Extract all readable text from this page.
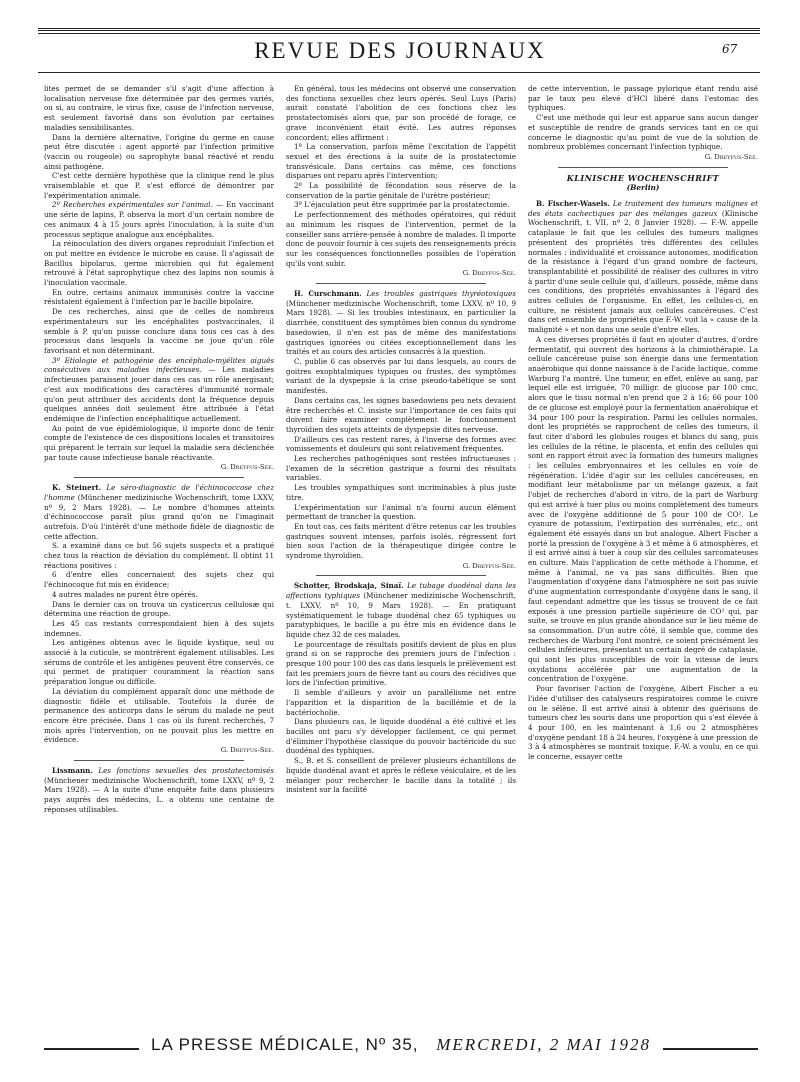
REVUE DES JOURNAUX	67

lites permet de se demander s'il s'agit d'une affection à localisation nerveuse fixe déterminée par des germes variés, ou si, au contraire, le virus fixe, cause de l'infection nerveuse, est seulement favorisé dans son évolution par certaines maladies sensibilisantes.

Dans la dernière alternative, l'origine du germe en cause peut être discutée : agent apporté par l'infection primitive (vaccin ou rougeole) ou saprophyte banal réactivé et rendu ainsi pathogène.

C'est cette dernière hypothèse que la clinique rend le plus vraisemblable et que P. s'est efforcé de démontrer par l'expérimentation animale.

2º Recherches expérimentales sur l'animal. — En vaccinant une série de lapins, P. observa la mort d'un certain nombre de ces animaux 4 à 15 jours après l'inoculation, à la suite d'un processus septique analogue aux encéphalites.

La réinoculation des divers organes reproduisit l'infection et on put mettre en évidence le microbe en cause. Il s'agissait de Bacillus bipolarus, germe microbien qui fut également retrouvé à l'état saprophytique chez des lapins non soumis à l'inoculation vaccinale.

En outre, certains animaux immunisés contre la vaccine résistaient également à l'infection par le bacille bipolaire.

De ces recherches, ainsi que de celles de nombreux expérimentateurs sur les encéphalites postvaccinales, il semble à P. qu'on puisse conclure dans tous ces cas à des processus dans lesquels la vaccine ne joue qu'un rôle favorisant et non déterminant.

3º Etiologie et pathogénie des encéphalo-myélites aiguës consécutives aux maladies infectieuses. — Les maladies infectieuses paraissent jouer dans ces cas un rôle anergisant; c'est aux modifications des caractères d'immunité normale qu'on peut attribuer des accidents dont la fréquence depuis quelques années doit seulement être attribuée à l'état endémique de l'infection encéphalitique actuellement.

Au point de vue épidémiologique, il importe donc de tenir compte de l'existence de ces dispositions locales et transitoires qui préparent le terrain sur lequel la maladie sera déclenchée par toute cause infectieuse banale réactivante.

G. Dreyfus-Sée.

K. Steinert. Le séro-diagnostic de l'échinococcose chez l'homme (Münchener medizinische Wochenschrift, tome LXXV, nº 9, 2 Mars 1928). — Le nombre d'hommes atteints d'échinococcose paraît plus grand qu'on ne l'imaginait autrefois. D'où l'intérêt d'une méthode fidèle de diagnostic de cette affection.

S. a examiné dans ce but 56 sujets suspects et a pratiqué chez tous la réaction de déviation du complément. Il obtint 11 réactions positives :

6 d'entre elles concernaient des sujets chez qui l'échinocoque fut mis en évidence;

4 autres malades ne purent être opérés.

Dans le dernier cas on trouva un cysticercus cellulosæ qui détermina une réaction de groupe.

Les 45 cas restants correspondaient bien à des sujets indemnes.

Les antigènes obtenus avec le liquide kystique, seul ou associé à la cuticule, se montrèrent également utilisables. Les sérums de contrôle et les antigènes peuvent être conservés, ce qui permet de pratiquer couramment la réaction sans préparation longue ou difficile.

La déviation du complément apparaît donc une méthode de diagnostic fidèle et utilisable. Toutefois la durée de permanence des anticorps dans le sérum du malade ne peut encore être précisée. Dans 1 cas où ils furent recherchés, 7 mois après l'intervention, on ne pouvait plus les mettre en évidence.

G. Dreyfus-Sée.

Lissmann. Les fonctions sexuelles des prostatectomisés (Münchener medizinische Wochenschrift, tome LXXV, nº 9, 2 Mars 1928). — A la suite d'une enquête faite dans plusieurs pays auprès des médecins, L. a obtenu une centaine de réponses utilisables.

En général, tous les médecins ont observé une conservation des fonctions sexuelles chez leurs opérés. Seul Luys (Paris) aurait constaté l'abolition de ces fonctions chez les prostatectomisés alors que, par son procédé de forage, ce grave inconvénient était évité. Les autres réponses concordent; elles affirment :

1º La conservation, parfois même l'excitation de l'appétit sexuel et des érections à la suite de la prostatectomie transvésicale. Dans certains cas même, ces fonctions disparues ont reparu après l'intervention;

2º La possibilité de fécondation sous réserve de la conservation de la partie génitale de l'urètre postérieur;

3º L'éjaculation peut être supprimée par la prostatectomie.

Le perfectionnement des méthodes opératoires, qui réduit au minimum les risques de l'intervention, permet de la conseiller sans arrière-pensée à nombre de malades. Il importe donc de pouvoir fournir à ces sujets des renseignements précis sur les conséquences fonctionnelles possibles de l'opération qu'ils vont subir.

G. Dreyfus-Sée.

H. Curschmann. Les troubles gastriques thyréotoxiques (Münchener medizinische Wochenschrift, tome LXXV, nº 10, 9 Mars 1928). — Si les troubles intestinaux, en particulier la diarrhée, constituent des symptômes bien connus du syndrome basedowien, il n'en est pas de même des manifestations gastriques ignorées ou citées exceptionnellement dans les traités et au cours des articles consacrés à la question.

C. publie 6 cas observés par lui dans lesquels, au cours de goitres exophtalmiques typiques ou frustes, des symptômes variant de la dyspepsie à la crise pseudo-tabétique se sont manifestés.

Dans certains cas, les signes basedowiens peu nets devaient être recherchés et C. insiste sur l'importance de ces faits qui doivent faire examiner complètement le fonctionnement thyroïdien des sujets atteints de dyspepsie dites nerveuse.

D'ailleurs ces cas restent rares, à l'inverse des formes avec vomissements et douleurs qui sont relativement fréquentes.

Les recherches pathogéniques sont restées infructueuses : l'examen de la sécrétion gastrique a fourni des résultats variables.

Les troubles sympathiques sont incriminables à plus juste titre.

L'expérimentation sur l'animal n'a fourni aucun élément permettant de trancher la question.

En tout cas, ces faits méritent d'être retenus car les troubles gastriques souvent intenses, parfois isolés, régressent fort bien sous l'action de la thérapeutique dirigée contre le syndrome thyroïdien.

G. Dreyfus-Sée.

Schotter, Brodskaja, Sinaï. Le tubage duodénal dans les affections typhiques (Münchener medizinische Wochenschrift, t. LXXV, nº 10, 9 Mars 1928). — En pratiquant systématiquement le tubage duodénal chez 65 typhiques ou paratyphiques, le bacille a pu être mis en évidence dans le liquide chez 32 de ces malades.

Le pourcentage de résultats positifs devient de plus en plus grand si on se rapproche des premiers jours de l'infection : presque 100 pour 100 des cas dans lesquels le prélèvement est fait les premiers jours de fièvre tant au cours des récidives que lors de l'infection primitive.

Il semble d'ailleurs y avoir un parallélisme net entre l'apparition et la disparition de la bacillémie et de la bactériocholie.

Dans plusieurs cas, le liquide duodénal a été cultivé et les bacilles ont paru s'y développer facilement, ce qui permet d'éliminer l'hypothèse classique du pouvoir bactéricide du suc duodénal des typhiques.

S., B. et S. conseillent de prélever plusieurs échantillons de liquide duodénal avant et après le réflexe vésiculaire, et de les mélanger pour rechercher le bacille dans la totalité ; ils insistent sur la facilité

de cette intervention, le passage pylorique étant rendu aisé par le taux peu élevé d'HCl libéré dans l'estomac des typhiques.

C'est une méthode qui leur est apparue sans aucun danger et susceptible de rendre de grands services tant en ce qui concerne le diagnostic qu'au point de vue de la solution de nombreux problèmes concernant l'infection typhique.

G. Dreyfus-Sée.
KLINISCHE WOCHENSCHRIFT
(Berlin)

B. Fischer-Wasels. Le traitement des tumeurs malignes et des états cachectiques par des mélanges gazeux (Klinische Wochenschrift, t. VII, nº 2, 8 Janvier 1928). — F.-W. appelle cataplasie le fait que les cellules des tumeurs malignes présentent des propriétés très différentes des cellules normales : individualité et croissance autonomes, modification de la résistance à l'égard d'un grand nombre de facteurs, transplantabilité et possibilité de réaliser des cultures in vitro à partir d'une seule cellule qui, d'ailleurs, possède, même dans ces conditions, des propriétés envahissantes à l'égard des autres cellules de l'organisme. En effet, les cellules-ci, en culture, ne résistent jamais aux cellules cancéreuses. C'est dans cet ensemble de propriétés que F.-W. voit la « cause de la malignité » et non dans une seule d'entre elles.

A ces diverses propriétés il faut en ajouter d'autres, d'ordre fermentatif, qui ouvrent des horizons à la chimiothérapie. La cellule cancéreuse puise son énergie dans une fermentation anaérobique qui donne naissance à de l'acide lactique, comme Warburg l'a montré. Une tumeur, en effet, enlève au sang, par lequel elle est irriguée, 70 milligr. de glucose par 100 cmc, alors que le tissu normal n'en prend que 2 à 16; 66 pour 100 de ce glucose est employé pour la fermentation anaérobique et 34 pour 100 pour la respiration. Parmi les cellules normales, dont les propriétés se rapprochent de celles des tumeurs, il faut citer d'abord les globules rouges et blancs du sang, puis les cellules de la rétine, le placenta, et enfin des cellules qui sont en rapport étroit avec la formation des tumeurs malignes : les cellules embryonnaires et les cellules en voie de régénération. L'idée d'agir sur les cellules cancéreuses, en modifiant leur métabolisme par un mélange gazeux, a fait l'objet de recherches d'abord in vitro, de la part de Warburg qui est arrivé à tuer plus ou moins complètement des tumeurs avec de l'oxygène additionné de 5 pour 100 de CO². Le cyanure de potassium, l'extirpation des surrénales, etc., ont également été essayés dans un but analogue. Albert Fischer a porté la pression de l'oxygène à 3 et même à 6 atmosphères, et il est arrivé ainsi à tuer à coup sûr des cellules sarcomateuses en culture. Mais l'application de cette méthode à l'homme, et même à l'animal, ne va pas sans difficultés. Bien que l'augmentation d'oxygène dans l'atmosphère ne soit pas suivie d'une augmentation correspondante d'oxygène dans le sang, il faut cependant admettre que les tissus se trouvent de ce fait exposés à une pression partielle supérieure de CO² qui, par suite, se trouve en plus grande abondance sur le lieu même de sa consommation. D'un autre côté, il semble que, comme des recherches de Warburg l'ont montré, ce soient précisément les cellules inférieures, présentant un certain degré de cataplasie, qui sont les plus susceptibles de voir la vitesse de leurs oxydations accélérée par une augmentation de la concentration de l'oxygène.

Pour favoriser l'action de l'oxygène, Albert Fischer a eu l'idée d'utiliser des catalyseurs respiratoires comme le cuivre ou le sélène. Il est arrivé ainsi à obtenir des guérisons de tumeurs chez les souris dans une proportion qui s'est élevée à 4 pour 100, en les maintenant à 1,6 ou 2 atmosphères d'oxygène pendant 18 à 24 heures, l'oxygène à une pression de 3 à 4 atmosphères se montrait toxique. F.-W. a voulu, en ce qui le concerne, essayer cette

LA PRESSE MÉDICALE, Nº 35, MERCREDI, 2 MAI 1928
